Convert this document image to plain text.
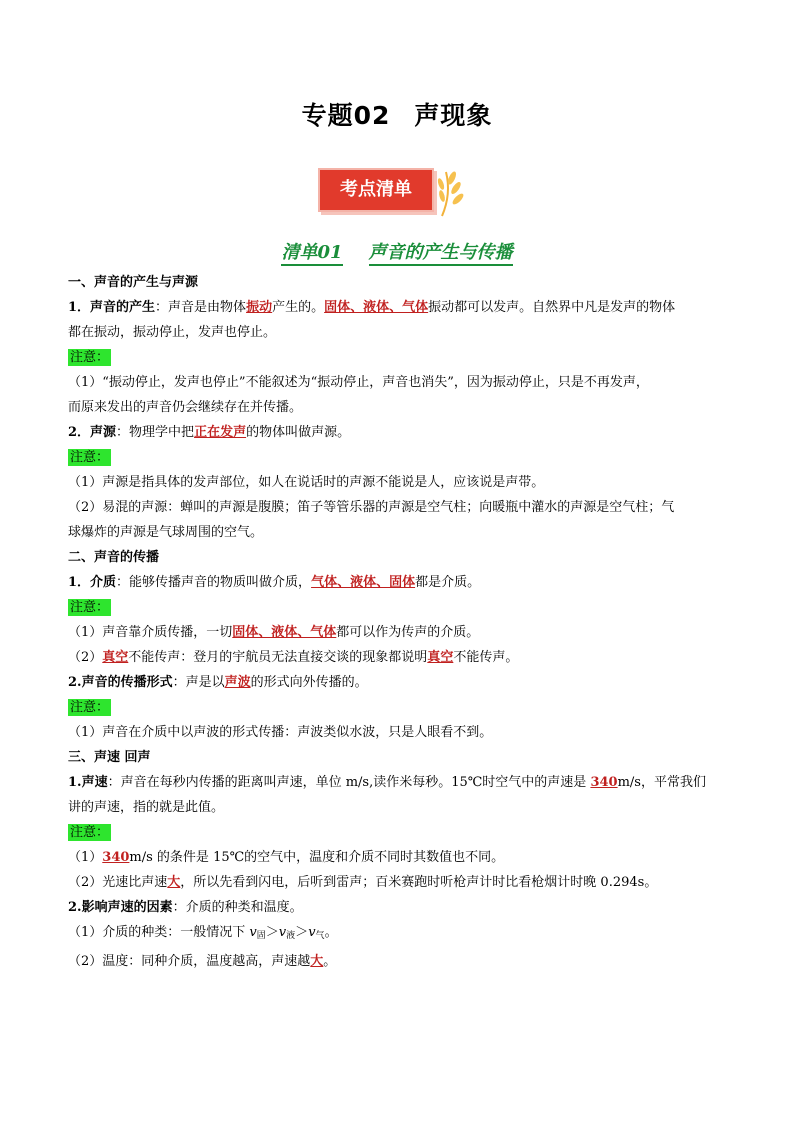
专题02 声现象
考点清单
清单01 声音的产生与传播

一、声音的产生与声源

1．声音的产生：声音是由物体振动产生的。固体、液体、气体振动都可以发声。自然界中凡是发声的物体

都在振动，振动停止，发声也停止。

注意：

（1）“振动停止，发声也停止”不能叙述为“振动停止，声音也消失”，因为振动停止，只是不再发声，

而原来发出的声音仍会继续存在并传播。

2．声源：物理学中把正在发声的物体叫做声源。

注意：

（1）声源是指具体的发声部位，如人在说话时的声源不能说是人，应该说是声带。

（2）易混的声源：蝉叫的声源是腹膜；笛子等管乐器的声源是空气柱；向暖瓶中灌水的声源是空气柱；气

球爆炸的声源是气球周围的空气。

二、声音的传播

1．介质：能够传播声音的物质叫做介质，气体、液体、固体都是介质。

注意：

（1）声音靠介质传播，一切固体、液体、气体都可以作为传声的介质。

（2）真空不能传声：登月的宇航员无法直接交谈的现象都说明真空不能传声。

2.声音的传播形式：声是以声波的形式向外传播的。

注意：

（1）声音在介质中以声波的形式传播：声波类似水波，只是人眼看不到。

三、声速 回声

1.声速：声音在每秒内传播的距离叫声速，单位 m/s,读作米每秒。15℃时空气中的声速是 340m/s，平常我们

讲的声速，指的就是此值。

注意：

（1）340m/s 的条件是 15℃的空气中，温度和介质不同时其数值也不同。

（2）光速比声速大，所以先看到闪电，后听到雷声；百米赛跑时听枪声计时比看枪烟计时晚 0.294s。

2.影响声速的因素：介质的种类和温度。

（1）介质的种类：一般情况下 $v_固>v_液>v_气$。

（2）温度：同种介质，温度越高，声速越大。
